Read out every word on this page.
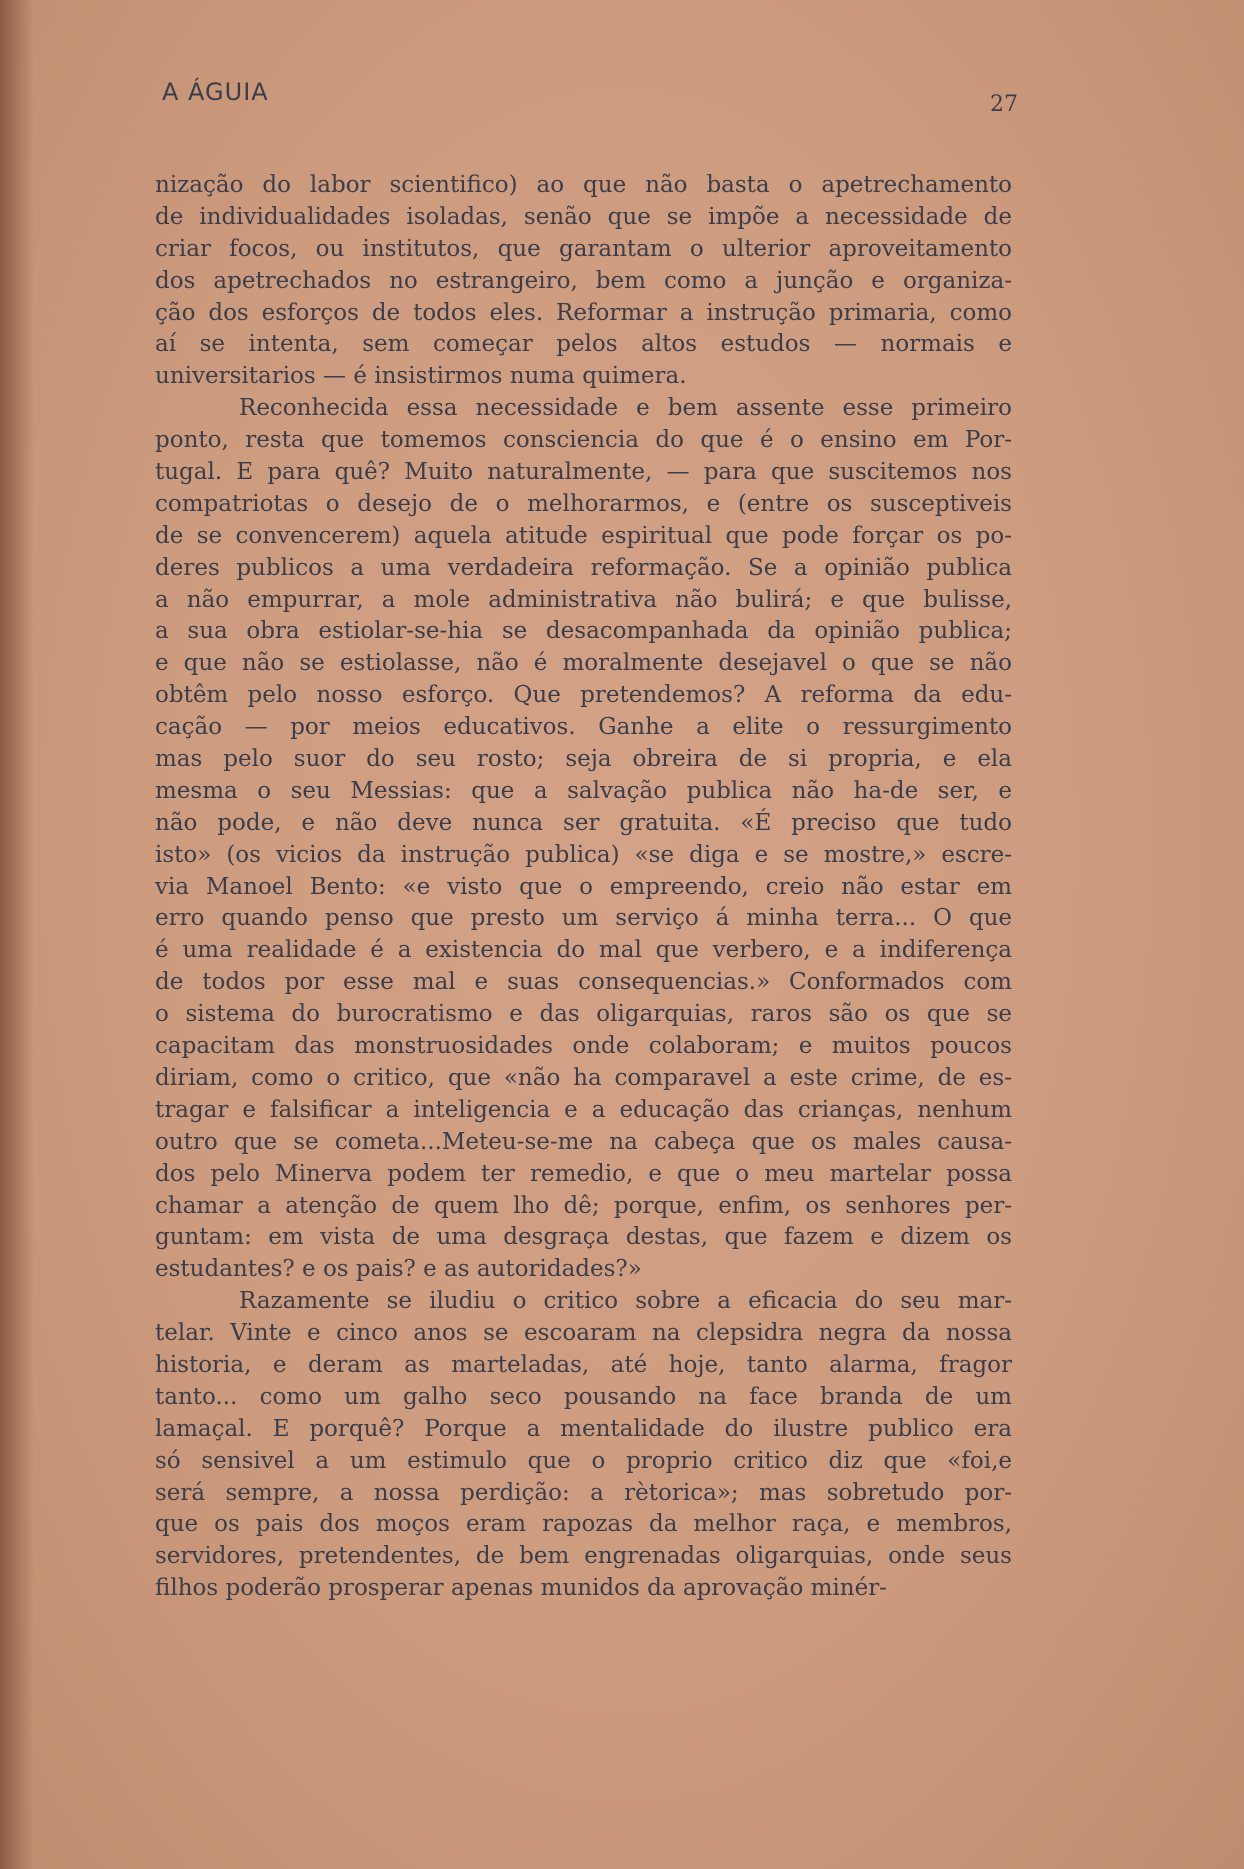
A ÁGUIA	27
nização do labor scientifico) ao que não basta o apetrechamento
de individualidades isoladas, senão que se impõe a necessidade de
criar focos, ou institutos, que garantam o ulterior aproveitamento
dos apetrechados no estrangeiro, bem como a junção e organiza-
ção dos esforços de todos eles. Reformar a instrução primaria, como
aí se intenta, sem começar pelos altos estudos — normais e
universitarios — é insistirmos numa quimera.
Reconhecida essa necessidade e bem assente esse primeiro
ponto, resta que tomemos consciencia do que é o ensino em Por-
tugal. E para quê? Muito naturalmente, — para que suscitemos nos
compatriotas o desejo de o melhorarmos, e (entre os susceptiveis
de se convencerem) aquela atitude espiritual que pode forçar os po-
deres publicos a uma verdadeira reformação. Se a opinião publica
a não empurrar, a mole administrativa não bulirá; e que bulisse,
a sua obra estiolar-se-hia se desacompanhada da opinião publica;
e que não se estiolasse, não é moralmente desejavel o que se não
obtêm pelo nosso esforço. Que pretendemos? A reforma da edu-
cação — por meios educativos. Ganhe a elite o ressurgimento
mas pelo suor do seu rosto; seja obreira de si propria, e ela
mesma o seu Messias: que a salvação publica não ha-de ser, e
não pode, e não deve nunca ser gratuita. «É preciso que tudo
isto» (os vicios da instrução publica) «se diga e se mostre,» escre-
via Manoel Bento: «e visto que o empreendo, creio não estar em
erro quando penso que presto um serviço á minha terra... O que
é uma realidade é a existencia do mal que verbero, e a indiferença
de todos por esse mal e suas consequencias.» Conformados com
o sistema do burocratismo e das oligarquias, raros são os que se
capacitam das monstruosidades onde colaboram; e muitos poucos
diriam, como o critico, que «não ha comparavel a este crime, de es-
tragar e falsificar a inteligencia e a educação das crianças, nenhum
outro que se cometa...Meteu-se-me na cabeça que os males causa-
dos pelo Minerva podem ter remedio, e que o meu martelar possa
chamar a atenção de quem lho dê; porque, enfim, os senhores per-
guntam: em vista de uma desgraça destas, que fazem e dizem os
estudantes? e os pais? e as autoridades?»
Razamente se iludiu o critico sobre a eficacia do seu mar-
telar. Vinte e cinco anos se escoaram na clepsidra negra da nossa
historia, e deram as marteladas, até hoje, tanto alarma, fragor
tanto... como um galho seco pousando na face branda de um
lamaçal. E porquê? Porque a mentalidade do ilustre publico era
só sensivel a um estimulo que o proprio critico diz que «foi,e
será sempre, a nossa perdição: a rètorica»; mas sobretudo por-
que os pais dos moços eram rapozas da melhor raça, e membros,
servidores, pretendentes, de bem engrenadas oligarquias, onde seus
filhos poderão prosperar apenas munidos da aprovação minér-
